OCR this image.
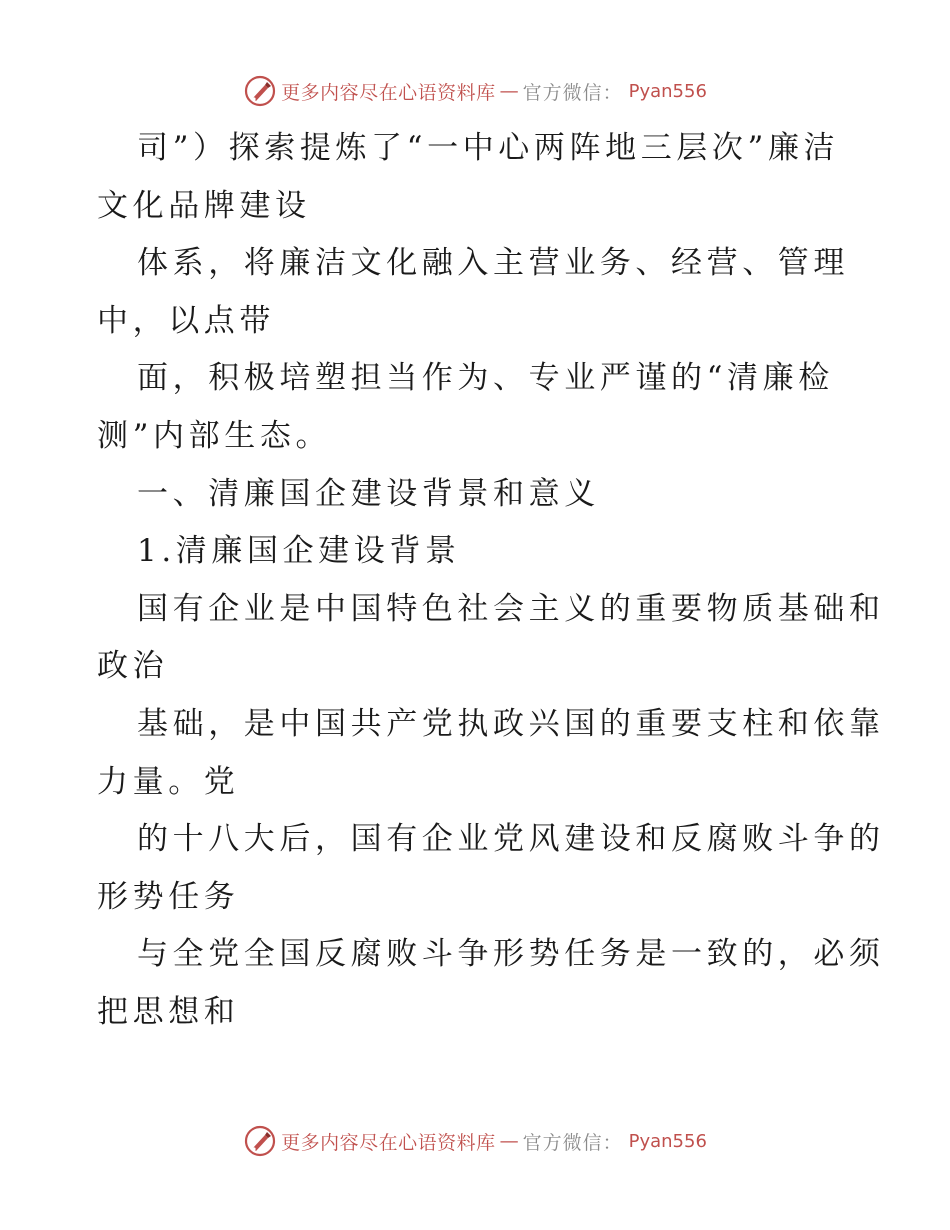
更多内容尽在心语资料库 — 官方微信： Pyan556
司”）探索提炼了“一中心两阵地三层次”廉洁
文化品牌建设
体系，将廉洁文化融入主营业务、经营、管理
中，以点带
面，积极培塑担当作为、专业严谨的“清廉检
测”内部生态。
一、清廉国企建设背景和意义
1.清廉国企建设背景
国有企业是中国特色社会主义的重要物质基础和
政治
基础，是中国共产党执政兴国的重要支柱和依靠
力量。党
的十八大后，国有企业党风建设和反腐败斗争的
形势任务
与全党全国反腐败斗争形势任务是一致的，必须
把思想和
更多内容尽在心语资料库 — 官方微信： Pyan556
